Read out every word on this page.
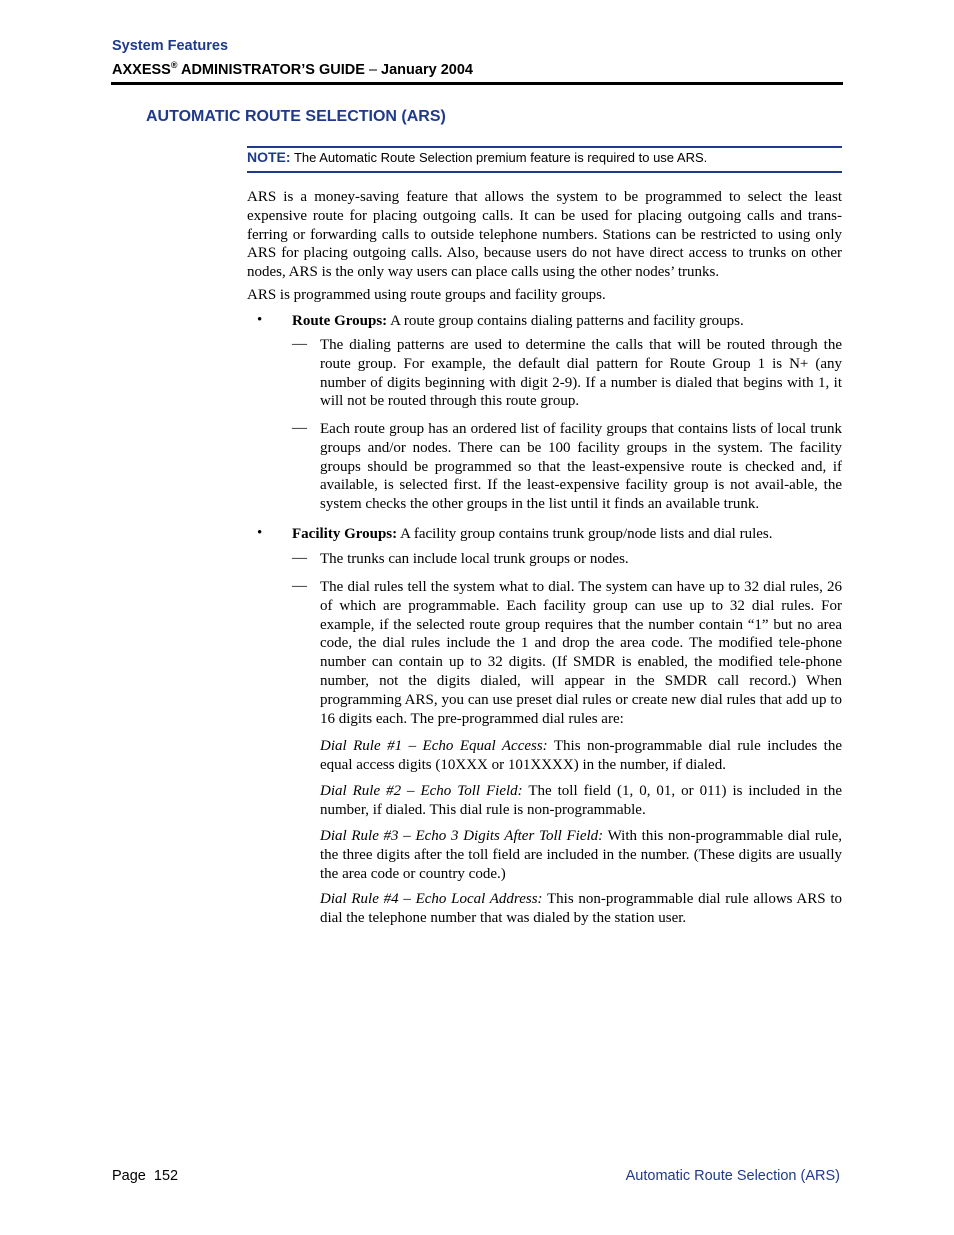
System Features
AXXESS® ADMINISTRATOR’S GUIDE – January 2004
AUTOMATIC ROUTE SELECTION (ARS)
NOTE: The Automatic Route Selection premium feature is required to use ARS.
ARS is a money-saving feature that allows the system to be programmed to select the least expensive route for placing outgoing calls. It can be used for placing outgoing calls and trans-ferring or forwarding calls to outside telephone numbers. Stations can be restricted to using only ARS for placing outgoing calls. Also, because users do not have direct access to trunks on other nodes, ARS is the only way users can place calls using the other nodes’ trunks.
ARS is programmed using route groups and facility groups.
• Route Groups: A route group contains dialing patterns and facility groups.
— The dialing patterns are used to determine the calls that will be routed through the route group. For example, the default dial pattern for Route Group 1 is N+ (any number of digits beginning with digit 2-9). If a number is dialed that begins with 1, it will not be routed through this route group.
— Each route group has an ordered list of facility groups that contains lists of local trunk groups and/or nodes. There can be 100 facility groups in the system. The facility groups should be programmed so that the least-expensive route is checked and, if available, is selected first. If the least-expensive facility group is not avail-able, the system checks the other groups in the list until it finds an available trunk.
• Facility Groups: A facility group contains trunk group/node lists and dial rules.
— The trunks can include local trunk groups or nodes.
— The dial rules tell the system what to dial. The system can have up to 32 dial rules, 26 of which are programmable. Each facility group can use up to 32 dial rules. For example, if the selected route group requires that the number contain “1” but no area code, the dial rules include the 1 and drop the area code. The modified tele-phone number can contain up to 32 digits. (If SMDR is enabled, the modified tele-phone number, not the digits dialed, will appear in the SMDR call record.) When programming ARS, you can use preset dial rules or create new dial rules that add up to 16 digits each. The pre-programmed dial rules are:
Dial Rule #1 – Echo Equal Access: This non-programmable dial rule includes the equal access digits (10XXX or 101XXXX) in the number, if dialed.
Dial Rule #2 – Echo Toll Field: The toll field (1, 0, 01, or 011) is included in the number, if dialed. This dial rule is non-programmable.
Dial Rule #3 – Echo 3 Digits After Toll Field: With this non-programmable dial rule, the three digits after the toll field are included in the number. (These digits are usually the area code or country code.)
Dial Rule #4 – Echo Local Address: This non-programmable dial rule allows ARS to dial the telephone number that was dialed by the station user.
Page  152	Automatic Route Selection (ARS)
